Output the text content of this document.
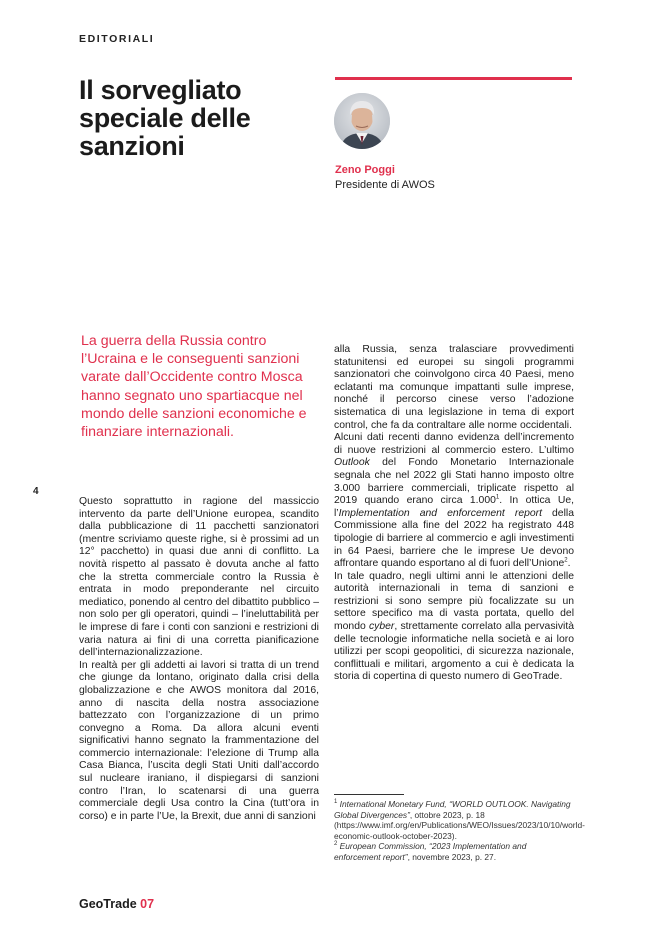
EDITORIALI
Il sorvegliato
speciale delle
sanzioni
Zeno Poggi
Presidente di AWOS

La guerra della Russia contro l’Ucraina e le conseguenti sanzioni varate dall’Occidente contro Mosca hanno segnato uno spartiacque nel mondo delle sanzioni economiche e finanziare internazionali.

4

Questo soprattutto in ragione del massiccio intervento da parte dell’Unione europea, scandito dalla pubblicazione di 11 pacchetti sanzionatori (mentre scriviamo queste righe, si è prossimi ad un 12° pacchetto) in quasi due anni di conflitto. La novità rispetto al passato è dovuta anche al fatto che la stretta commerciale contro la Russia è entrata in modo preponderante nel circuito mediatico, ponendo al centro del dibattito pubblico – non solo per gli operatori, quindi – l’ineluttabilità per le imprese di fare i conti con sanzioni e restrizioni di varia natura ai fini di una corretta pianificazione dell’internazionalizzazione.

In realtà per gli addetti ai lavori si tratta di un trend che giunge da lontano, originato dalla crisi della globalizzazione e che AWOS monitora dal 2016, anno di nascita della nostra associazione battezzato con l’organizzazione di un primo convegno a Roma. Da allora alcuni eventi significativi hanno segnato la frammentazione del commercio internazionale: l’elezione di Trump alla Casa Bianca, l’uscita degli Stati Uniti dall’accordo sul nucleare iraniano, il dispiegarsi di sanzioni contro l’Iran, lo scatenarsi di una guerra commerciale degli Usa contro la Cina (tutt’ora in corso) e in parte l’Ue, la Brexit, due anni di sanzioni

alla Russia, senza tralasciare provvedimenti statunitensi ed europei su singoli programmi sanzionatori che coinvolgono circa 40 Paesi, meno eclatanti ma comunque impattanti sulle imprese, nonché il percorso cinese verso l’adozione sistematica di una legislazione in tema di export control, che fa da contraltare alle norme occidentali.

Alcuni dati recenti danno evidenza dell’incremento di nuove restrizioni al commercio estero. L’ultimo Outlook del Fondo Monetario Internazionale segnala che nel 2022 gli Stati hanno imposto oltre 3.000 barriere commerciali, triplicate rispetto al 2019 quando erano circa 1.000$^1$. In ottica Ue, l’Implementation and enforcement report della Commissione alla fine del 2022 ha registrato 448 tipologie di barriere al commercio e agli investimenti in 64 Paesi, barriere che le imprese Ue devono affrontare quando esportano al di fuori dell’Unione$^2$.

In tale quadro, negli ultimi anni le attenzioni delle autorità internazionali in tema di sanzioni e restrizioni si sono sempre più focalizzate su un settore specifico ma di vasta portata, quello del mondo cyber, strettamente correlato alla pervasività delle tecnologie informatiche nella società e ai loro utilizzi per scopi geopolitici, di sicurezza nazionale, conflittuali e militari, argomento a cui è dedicata la storia di copertina di questo numero di GeoTrade.

$^1$ International Monetary Fund, “WORLD OUTLOOK. Navigating Global Divergences”, ottobre 2023, p. 18 (https://www.imf.org/en/Publications/WEO/Issues/2023/10/10/world-economic-outlook-october-2023).

$^2$ European Commission, “2023 Implementation and enforcement report”, novembre 2023, p. 27.

GeoTrade 07
